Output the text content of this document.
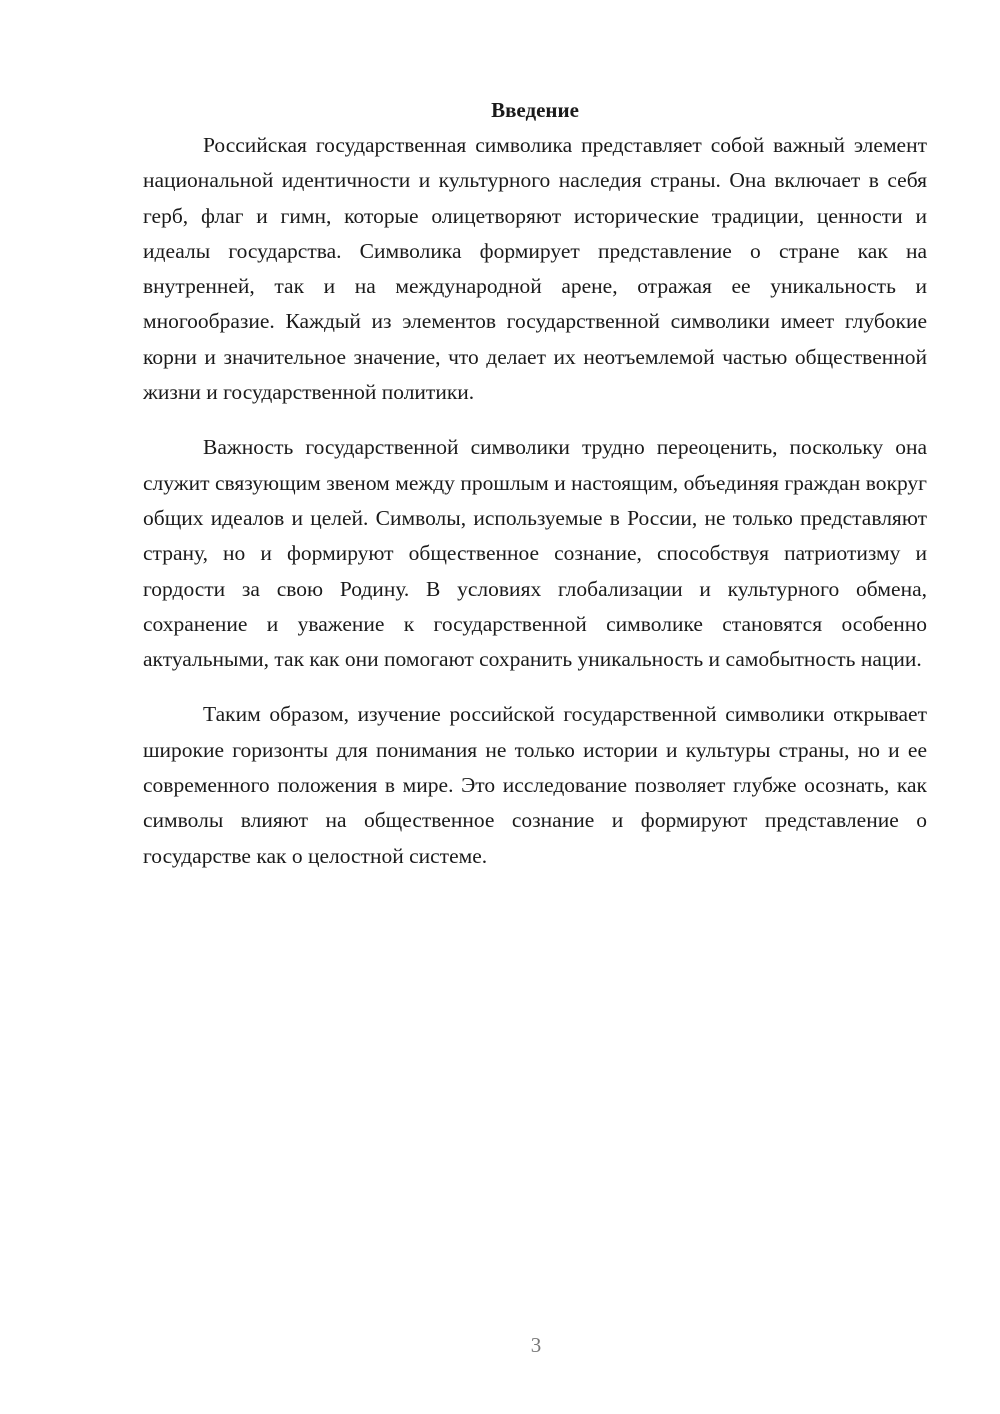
Введение

Российская государственная символика представляет собой важный элемент национальной идентичности и культурного наследия страны. Она включает в себя герб, флаг и гимн, которые олицетворяют исторические традиции, ценности и идеалы государства. Символика формирует представление о стране как на внутренней, так и на международной арене, отражая ее уникальность и многообразие. Каждый из элементов государственной символики имеет глубокие корни и значительное значение, что делает их неотъемлемой частью общественной жизни и государственной политики.

Важность государственной символики трудно переоценить, поскольку она служит связующим звеном между прошлым и настоящим, объединяя граждан вокруг общих идеалов и целей. Символы, используемые в России, не только представляют страну, но и формируют общественное сознание, способствуя патриотизму и гордости за свою Родину. В условиях глобализации и культурного обмена, сохранение и уважение к государственной символике становятся особенно актуальными, так как они помогают сохранить уникальность и самобытность нации.

Таким образом, изучение российской государственной символики открывает широкие горизонты для понимания не только истории и культуры страны, но и ее современного положения в мире. Это исследование позволяет глубже осознать, как символы влияют на общественное сознание и формируют представление о государстве как о целостной системе.

3
